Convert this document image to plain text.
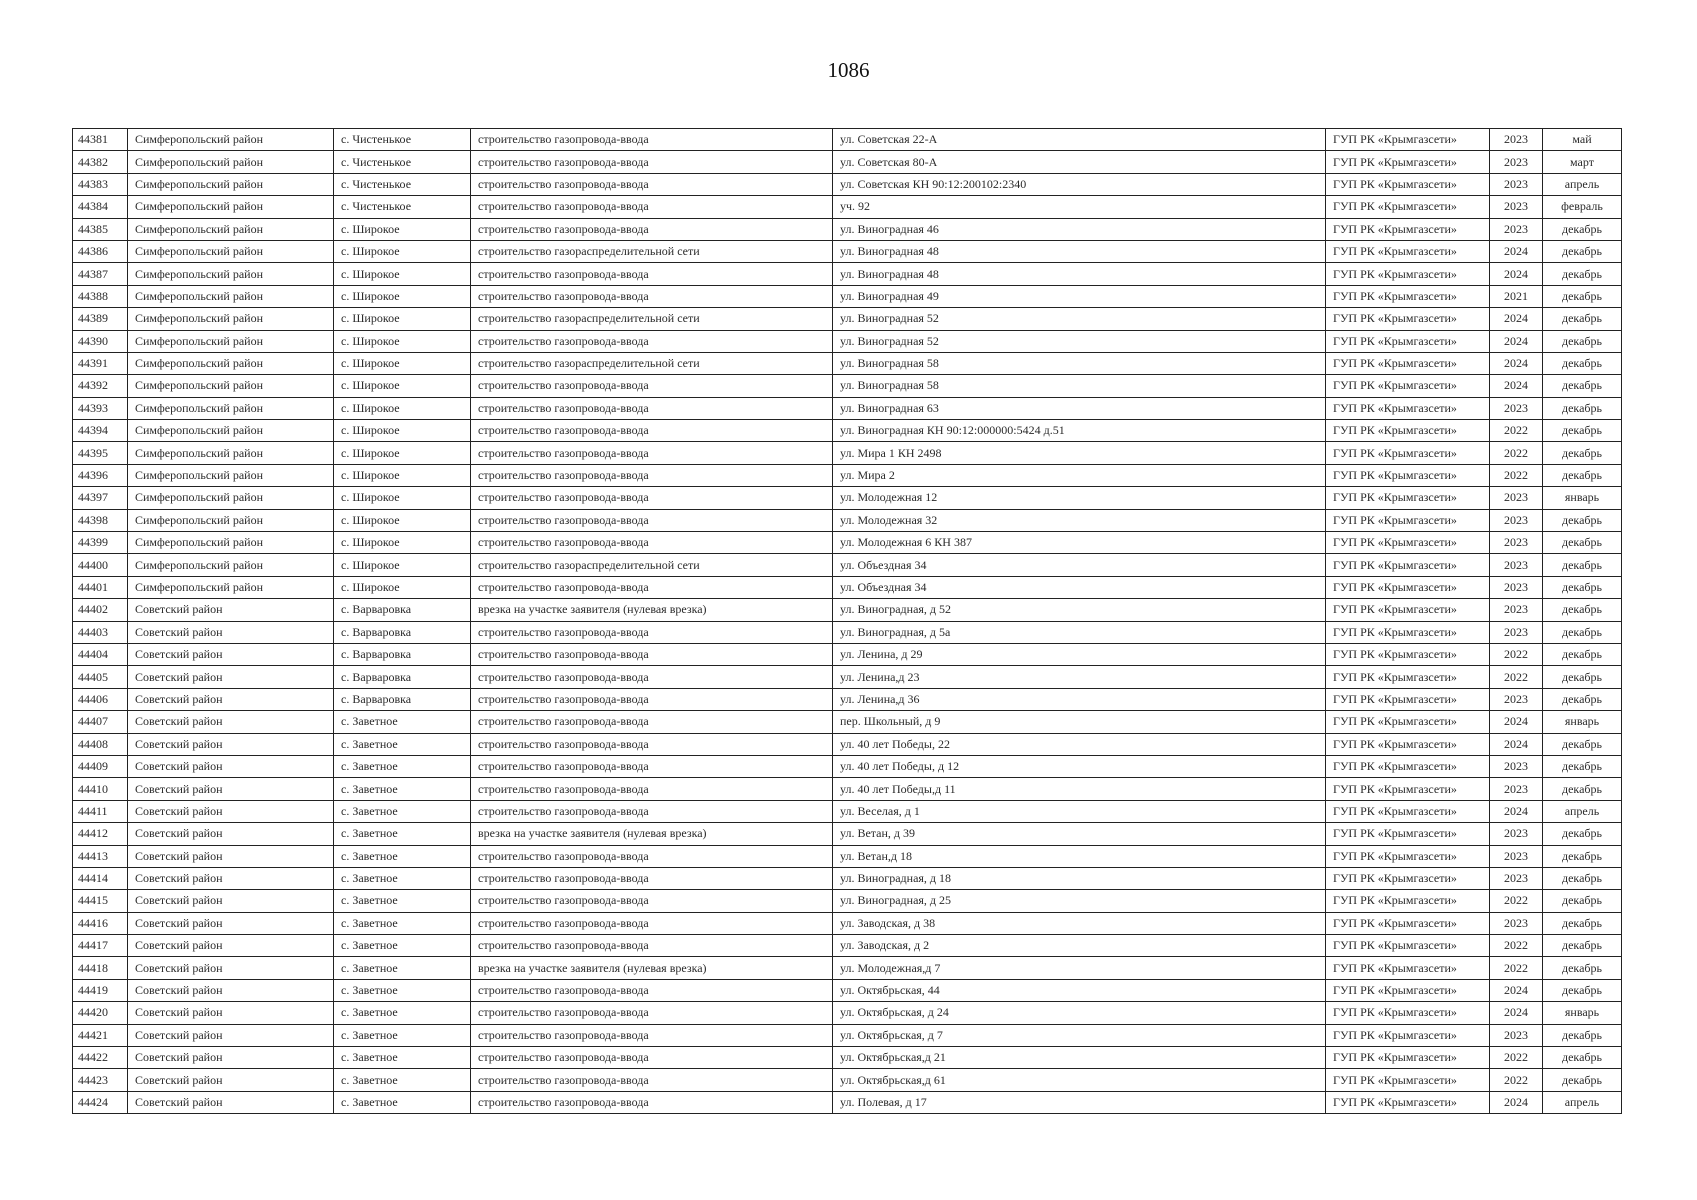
1086
44381	Симферопольский район	с. Чистенькое	строительство газопровода-ввода	ул. Советская 22-А	ГУП РК «Крымгазсети»	2023	май
44382	Симферопольский район	с. Чистенькое	строительство газопровода-ввода	ул. Советская 80-А	ГУП РК «Крымгазсети»	2023	март
44383	Симферопольский район	с. Чистенькое	строительство газопровода-ввода	ул. Советская КН 90:12:200102:2340	ГУП РК «Крымгазсети»	2023	апрель
44384	Симферопольский район	с. Чистенькое	строительство газопровода-ввода	уч. 92	ГУП РК «Крымгазсети»	2023	февраль
44385	Симферопольский район	с. Широкое	строительство газопровода-ввода	ул. Виноградная 46	ГУП РК «Крымгазсети»	2023	декабрь
44386	Симферопольский район	с. Широкое	строительство газораспределительной сети	ул. Виноградная 48	ГУП РК «Крымгазсети»	2024	декабрь
44387	Симферопольский район	с. Широкое	строительство газопровода-ввода	ул. Виноградная 48	ГУП РК «Крымгазсети»	2024	декабрь
44388	Симферопольский район	с. Широкое	строительство газопровода-ввода	ул. Виноградная 49	ГУП РК «Крымгазсети»	2021	декабрь
44389	Симферопольский район	с. Широкое	строительство газораспределительной сети	ул. Виноградная 52	ГУП РК «Крымгазсети»	2024	декабрь
44390	Симферопольский район	с. Широкое	строительство газопровода-ввода	ул. Виноградная 52	ГУП РК «Крымгазсети»	2024	декабрь
44391	Симферопольский район	с. Широкое	строительство газораспределительной сети	ул. Виноградная 58	ГУП РК «Крымгазсети»	2024	декабрь
44392	Симферопольский район	с. Широкое	строительство газопровода-ввода	ул. Виноградная 58	ГУП РК «Крымгазсети»	2024	декабрь
44393	Симферопольский район	с. Широкое	строительство газопровода-ввода	ул. Виноградная 63	ГУП РК «Крымгазсети»	2023	декабрь
44394	Симферопольский район	с. Широкое	строительство газопровода-ввода	ул. Виноградная КН 90:12:000000:5424 д.51	ГУП РК «Крымгазсети»	2022	декабрь
44395	Симферопольский район	с. Широкое	строительство газопровода-ввода	ул. Мира 1 КН 2498	ГУП РК «Крымгазсети»	2022	декабрь
44396	Симферопольский район	с. Широкое	строительство газопровода-ввода	ул. Мира 2	ГУП РК «Крымгазсети»	2022	декабрь
44397	Симферопольский район	с. Широкое	строительство газопровода-ввода	ул. Молодежная 12	ГУП РК «Крымгазсети»	2023	январь
44398	Симферопольский район	с. Широкое	строительство газопровода-ввода	ул. Молодежная 32	ГУП РК «Крымгазсети»	2023	декабрь
44399	Симферопольский район	с. Широкое	строительство газопровода-ввода	ул. Молодежная 6 КН 387	ГУП РК «Крымгазсети»	2023	декабрь
44400	Симферопольский район	с. Широкое	строительство газораспределительной сети	ул. Объездная 34	ГУП РК «Крымгазсети»	2023	декабрь
44401	Симферопольский район	с. Широкое	строительство газопровода-ввода	ул. Объездная 34	ГУП РК «Крымгазсети»	2023	декабрь
44402	Советский район	с. Варваровка	врезка на участке заявителя (нулевая врезка)	ул. Виноградная, д 52	ГУП РК «Крымгазсети»	2023	декабрь
44403	Советский район	с. Варваровка	строительство газопровода-ввода	ул. Виноградная, д 5а	ГУП РК «Крымгазсети»	2023	декабрь
44404	Советский район	с. Варваровка	строительство газопровода-ввода	ул. Ленина, д 29	ГУП РК «Крымгазсети»	2022	декабрь
44405	Советский район	с. Варваровка	строительство газопровода-ввода	ул. Ленина,д 23	ГУП РК «Крымгазсети»	2022	декабрь
44406	Советский район	с. Варваровка	строительство газопровода-ввода	ул. Ленина,д 36	ГУП РК «Крымгазсети»	2023	декабрь
44407	Советский район	с. Заветное	строительство газопровода-ввода	пер. Школьный, д 9	ГУП РК «Крымгазсети»	2024	январь
44408	Советский район	с. Заветное	строительство газопровода-ввода	ул. 40 лет Победы, 22	ГУП РК «Крымгазсети»	2024	декабрь
44409	Советский район	с. Заветное	строительство газопровода-ввода	ул. 40 лет Победы, д 12	ГУП РК «Крымгазсети»	2023	декабрь
44410	Советский район	с. Заветное	строительство газопровода-ввода	ул. 40 лет Победы,д 11	ГУП РК «Крымгазсети»	2023	декабрь
44411	Советский район	с. Заветное	строительство газопровода-ввода	ул. Веселая, д 1	ГУП РК «Крымгазсети»	2024	апрель
44412	Советский район	с. Заветное	врезка на участке заявителя (нулевая врезка)	ул. Ветан, д 39	ГУП РК «Крымгазсети»	2023	декабрь
44413	Советский район	с. Заветное	строительство газопровода-ввода	ул. Ветан,д 18	ГУП РК «Крымгазсети»	2023	декабрь
44414	Советский район	с. Заветное	строительство газопровода-ввода	ул. Виноградная, д 18	ГУП РК «Крымгазсети»	2023	декабрь
44415	Советский район	с. Заветное	строительство газопровода-ввода	ул. Виноградная, д 25	ГУП РК «Крымгазсети»	2022	декабрь
44416	Советский район	с. Заветное	строительство газопровода-ввода	ул. Заводская, д 38	ГУП РК «Крымгазсети»	2023	декабрь
44417	Советский район	с. Заветное	строительство газопровода-ввода	ул. Заводская, д 2	ГУП РК «Крымгазсети»	2022	декабрь
44418	Советский район	с. Заветное	врезка на участке заявителя (нулевая врезка)	ул. Молодежная,д 7	ГУП РК «Крымгазсети»	2022	декабрь
44419	Советский район	с. Заветное	строительство газопровода-ввода	ул. Октябрьская, 44	ГУП РК «Крымгазсети»	2024	декабрь
44420	Советский район	с. Заветное	строительство газопровода-ввода	ул. Октябрьская, д 24	ГУП РК «Крымгазсети»	2024	январь
44421	Советский район	с. Заветное	строительство газопровода-ввода	ул. Октябрьская, д 7	ГУП РК «Крымгазсети»	2023	декабрь
44422	Советский район	с. Заветное	строительство газопровода-ввода	ул. Октябрьская,д 21	ГУП РК «Крымгазсети»	2022	декабрь
44423	Советский район	с. Заветное	строительство газопровода-ввода	ул. Октябрьская,д 61	ГУП РК «Крымгазсети»	2022	декабрь
44424	Советский район	с. Заветное	строительство газопровода-ввода	ул. Полевая, д 17	ГУП РК «Крымгазсети»	2024	апрель
